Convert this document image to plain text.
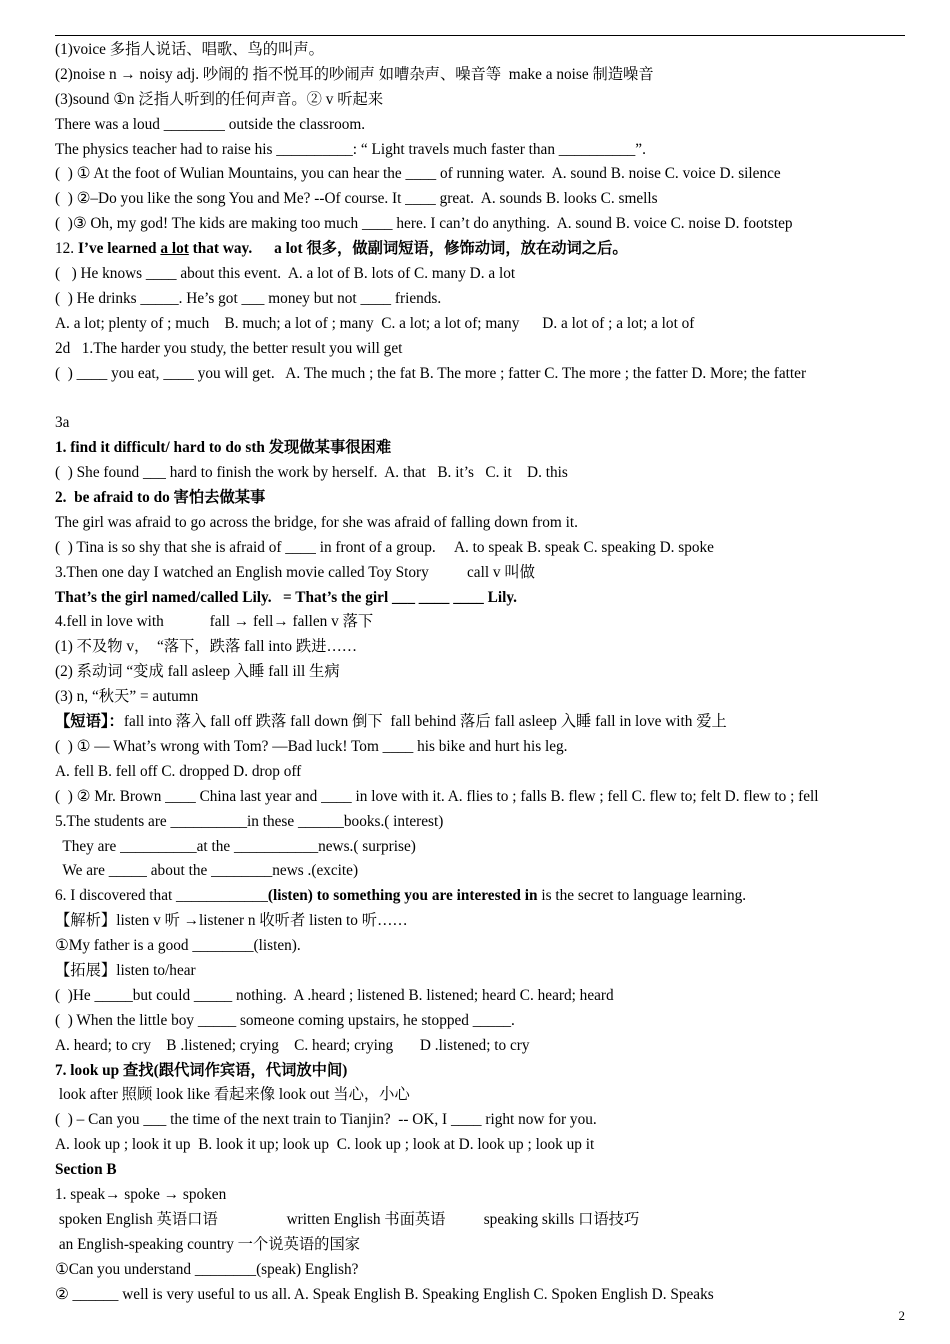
(1)voice 多指人说话、唱歌、鸟的叫声。
(2)noise n → noisy adj. 吵闹的 指不悦耳的吵闹声 如嘈杂声、噪音等  make a noise 制造噪音
(3)sound ①n 泛指人听到的任何声音。② v 听起来
There was a loud ________ outside the classroom.
The physics teacher had to raise his __________: “ Light travels much faster than __________”.
(  ) ① At the foot of Wulian Mountains, you can hear the ____ of running water.  A. sound B. noise C. voice D. silence
(  ) ②–Do you like the song You and Me? --Of course. It ____ great.  A. sounds B. looks C. smells
(  )③ Oh, my god! The kids are making too much ____ here. I can’t do anything.  A. sound B. voice C. noise D. footstep
12. I’ve learned a lot that way. a lot 很多，做副词短语，修饰动词，放在动词之后。
(   ) He knows ____ about this event.  A. a lot of B. lots of C. many D. a lot
(  ) He drinks _____. He’s got ___ money but not ____ friends.
A. a lot; plenty of ; much    B. much; a lot of ; many  C. a lot; a lot of; many      D. a lot of ; a lot; a lot of
2d   1.The harder you study, the better result you will get
(  ) ____ you eat, ____ you will get.   A. The much ; the fat B. The more ; fatter C. The more ; the fatter D. More; the fatter
3a
1. find it difficult/ hard to do sth 发现做某事很困难
(  ) She found ___ hard to finish the work by herself.  A. that   B. it’s   C. it    D. this
2.  be afraid to do 害怕去做某事
The girl was afraid to go across the bridge, for she was afraid of falling down from it.
(  ) Tina is so shy that she is afraid of ____ in front of a group.     A. to speak B. speak C. speaking D. spoke
3.Then one day I watched an English movie called Toy Story          call v 叫做
That’s the girl named/called Lily.   = That’s the girl ___ ____ ____ Lily.
4.fell in love with            fall → fell→ fallen v 落下
(1) 不及物 v，  “落下，跌落 fall into 跌进……
(2) 系动词 “变成 fall asleep 入睡 fall ill 生病
(3) n, “秋天” = autumn
【短语】：fall into 落入 fall off 跌落 fall down 倒下  fall behind 落后 fall asleep 入睡 fall in love with 爱上
(  ) ① — What’s wrong with Tom? —Bad luck! Tom ____ his bike and hurt his leg.
A. fell B. fell off C. dropped D. drop off
(  ) ② Mr. Brown ____ China last year and ____ in love with it. A. flies to ; falls B. flew ; fell C. flew to; felt D. flew to ; fell
5.The students are __________in these ______books.( interest)
They are __________at the ___________news.( surprise)
We are _____ about the ________news .(excite)
6. I discovered that ____________(listen) to something you are interested in is the secret to language learning.
【解析】listen v 听 →listener n 收听者 listen to 听……
①My father is a good ________(listen).
【拓展】listen to/hear
(  )He _____but could _____ nothing.  A .heard ; listened B. listened; heard C. heard; heard
(  ) When the little boy _____ someone coming upstairs, he stopped _____.
A. heard; to cry    B .listened; crying    C. heard; crying       D .listened; to cry
7. look up 查找(跟代词作宾语，代词放中间)
look after 照顾 look like 看起来像 look out 当心，小心
(  ) – Can you ___ the time of the next train to Tianjin?  -- OK, I ____ right now for you.
A. look up ; look it up  B. look it up; look up  C. look up ; look at D. look up ; look up it
Section B
1. speak→ spoke → spoken
spoken English 英语口语                  written English 书面英语          speaking skills 口语技巧
an English-speaking country 一个说英语的国家
①Can you understand ________(speak) English?
② ______ well is very useful to us all. A. Speak English B. Speaking English C. Spoken English D. Speaks
2
